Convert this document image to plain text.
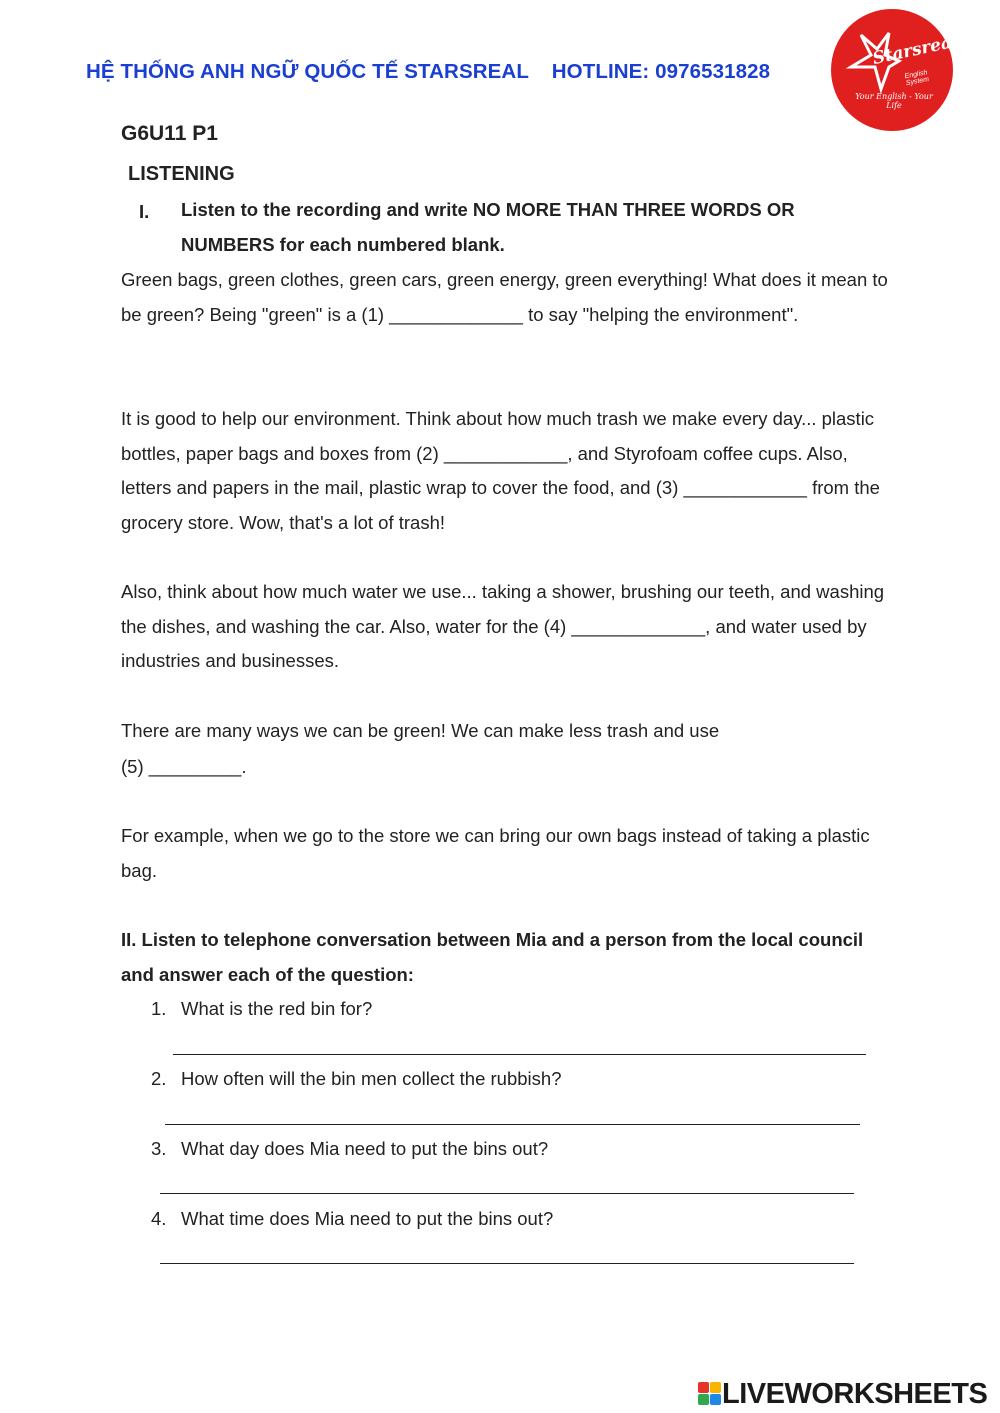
HỆ THỐNG ANH NGỮ QUỐC TẾ STARSREAL HOTLINE: 0976531828
Starsreal
English System
Your English - Your Life
G6U11 P1
LISTENING
I. Listen to the recording and write NO MORE THAN THREE WORDS OR NUMBERS for each numbered blank.
Green bags, green clothes, green cars, green energy, green everything! What does it mean to be green? Being "green" is a (1) _____________ to say "helping the environment".
It is good to help our environment. Think about how much trash we make every day... plastic bottles, paper bags and boxes from (2) ____________, and Styrofoam coffee cups. Also, letters and papers in the mail, plastic wrap to cover the food, and (3) ____________ from the grocery store. Wow, that's a lot of trash!
Also, think about how much water we use... taking a shower, brushing our teeth, and washing the dishes, and washing the car. Also, water for the (4) _____________, and water used by industries and businesses.
There are many ways we can be green! We can make less trash and use
(5) _________.
For example, when we go to the store we can bring our own bags instead of taking a plastic bag.
II. Listen to telephone conversation between Mia and a person from the local council and answer each of the question:
1. What is the red bin for?
2. How often will the bin men collect the rubbish?
3. What day does Mia need to put the bins out?
4. What time does Mia need to put the bins out?
LIVEWORKSHEETS
